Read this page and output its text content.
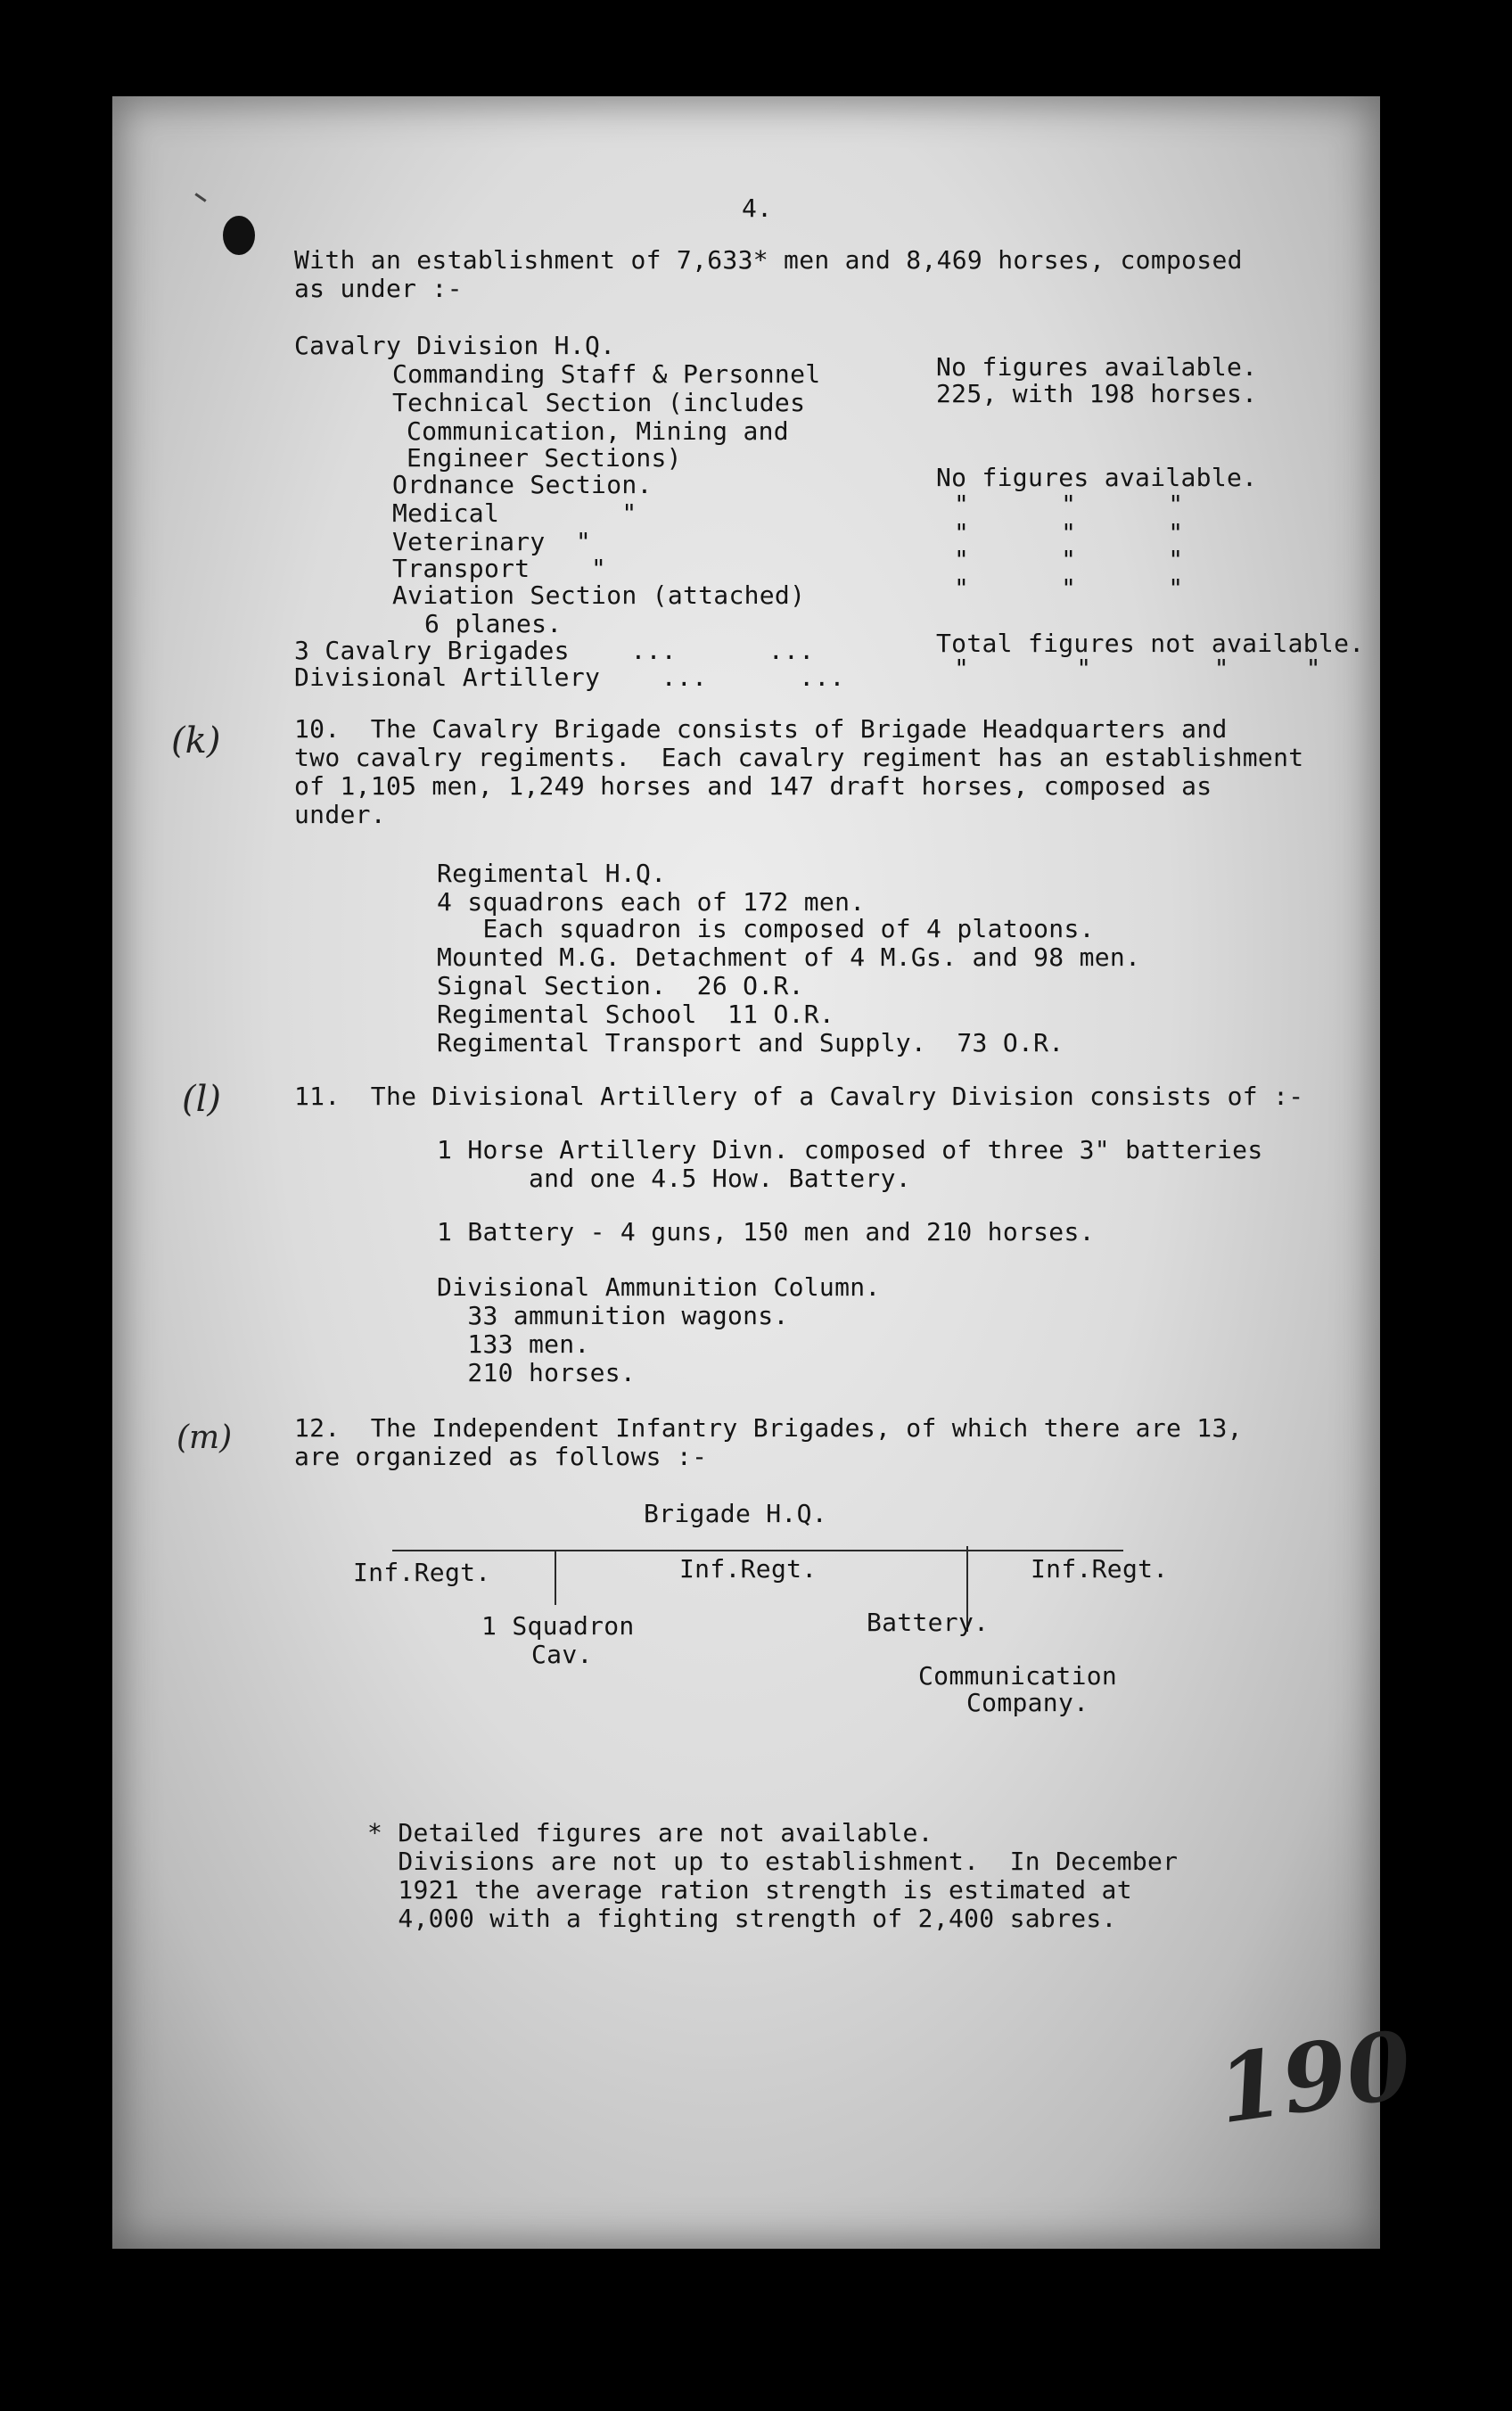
4.
With an establishment of 7,633* men and 8,469 horses, composed
as under :-
Cavalry Division H.Q.
Commanding Staff & Personnel	No figures available.
Technical Section (includes	225, with 198 horses.
Communication, Mining and
Engineer Sections)
Ordnance Section.	No figures available.
Medical        "	"      "      "
Veterinary  "	"      "      "
Transport    "	"      "      "
Aviation Section (attached)	"      "      "
6 planes.
3 Cavalry Brigades    ...      ...	Total figures not available.
Divisional Artillery    ...      ...	"       "        "     "
(k)	10.  The Cavalry Brigade consists of Brigade Headquarters and
two cavalry regiments.  Each cavalry regiment has an establishment
of 1,105 men, 1,249 horses and 147 draft horses, composed as
under.
Regimental H.Q.
4 squadrons each of 172 men.
Each squadron is composed of 4 platoons.
Mounted M.G. Detachment of 4 M.Gs. and 98 men.
Signal Section.  26 O.R.
Regimental School  11 O.R.
Regimental Transport and Supply.  73 O.R.
(l)	11.  The Divisional Artillery of a Cavalry Division consists of :-
1 Horse Artillery Divn. composed of three 3" batteries
and one 4.5 How. Battery.
1 Battery - 4 guns, 150 men and 210 horses.
Divisional Ammunition Column.
33 ammunition wagons.
133 men.
210 horses.
(m) 12.  The Independent Infantry Brigades, of which there are 13,
are organized as follows :-
Brigade H.Q.
Inf.Regt.	Inf.Regt.	Inf.Regt.
1 Squadron
Cav.
Battery.
Communication
Company.
* Detailed figures are not available.
Divisions are not up to establishment.  In December
1921 the average ration strength is estimated at
4,000 with a fighting strength of 2,400 sabres.
190
